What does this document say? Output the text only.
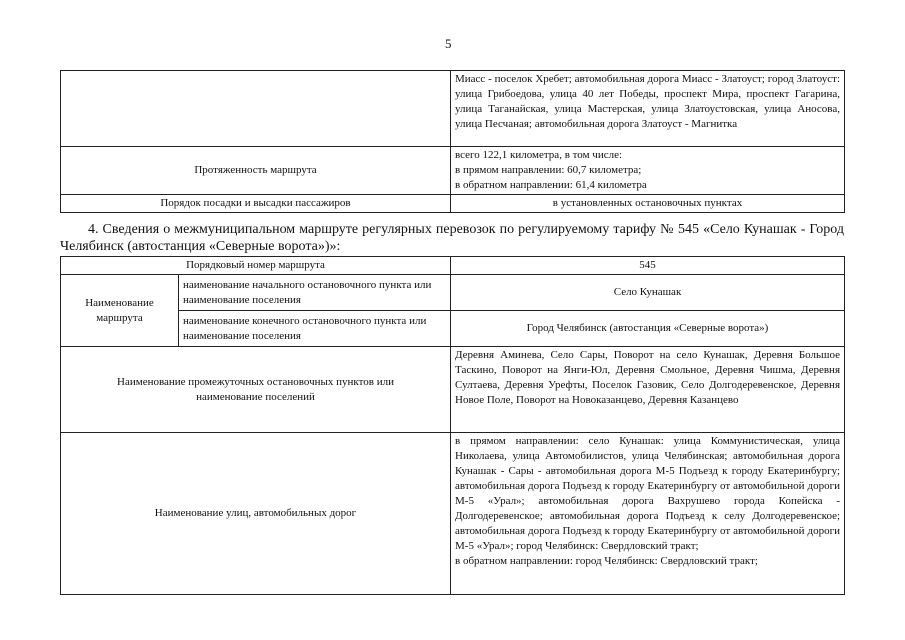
5
	Миасс - поселок Хребет; автомобильная дорога Миасс - Златоуст; город Златоуст: улица Грибоедова, улица 40 лет Победы, проспект Мира, проспект Гагарина, улица Таганайская, улица Мастерская, улица Златоустовская, улица Аносова, улица Песчаная; автомобильная дорога Златоуст - Магнитка
Протяженность маршрута	всего 122,1 километра, в том числе:
в прямом направлении: 60,7 километра;
в обратном направлении: 61,4 километра

Порядок посадки и высадки пассажиров	в установленных остановочных пунктах
4. Сведения о межмуниципальном маршруте регулярных перевозок по регулируемому тарифу № 545 «Село Кунашак - Город Челябинск (автостанция «Северные ворота»)»:
Порядковый номер маршрута		545
Наименование маршрута	наименование начального остановочного пункта или наименование поселения	Село Кунашак
	наименование конечного остановочного пункта или наименование поселения	Город Челябинск (автостанция «Северные ворота»)
Наименование промежуточных остановочных пунктов или наименование поселений		Деревня Аминева, Село Сары, Поворот на село Кунашак, Деревня Большое Таскино, Поворот на Янги-Юл, Деревня Смольное, Деревня Чишма, Деревня Султаева, Деревня Урефты, Поселок Газовик, Село Долгодеревенское, Деревня Новое Поле, Поворот на Новоказанцево, Деревня Казанцево
Наименование улиц, автомобильных дорог		в прямом направлении: село Кунашак: улица Коммунистическая, улица Николаева, улица Автомобилистов, улица Челябинская; автомобильная дорога Кунашак - Сары - автомобильная дорога М-5 Подъезд к городу Екатеринбургу; автомобильная дорога Подъезд к городу Екатеринбургу от автомобильной дороги М-5 «Урал»; автомобильная дорога Вахрушево города Копейска - Долгодеревенское; автомобильная дорога Подъезд к селу Долгодеревенское; автомобильная дорога Подъезд к городу Екатеринбургу от автомобильной дороги М-5 «Урал»; город Челябинск: Свердловский тракт;
в обратном направлении: город Челябинск: Свердловский тракт;
